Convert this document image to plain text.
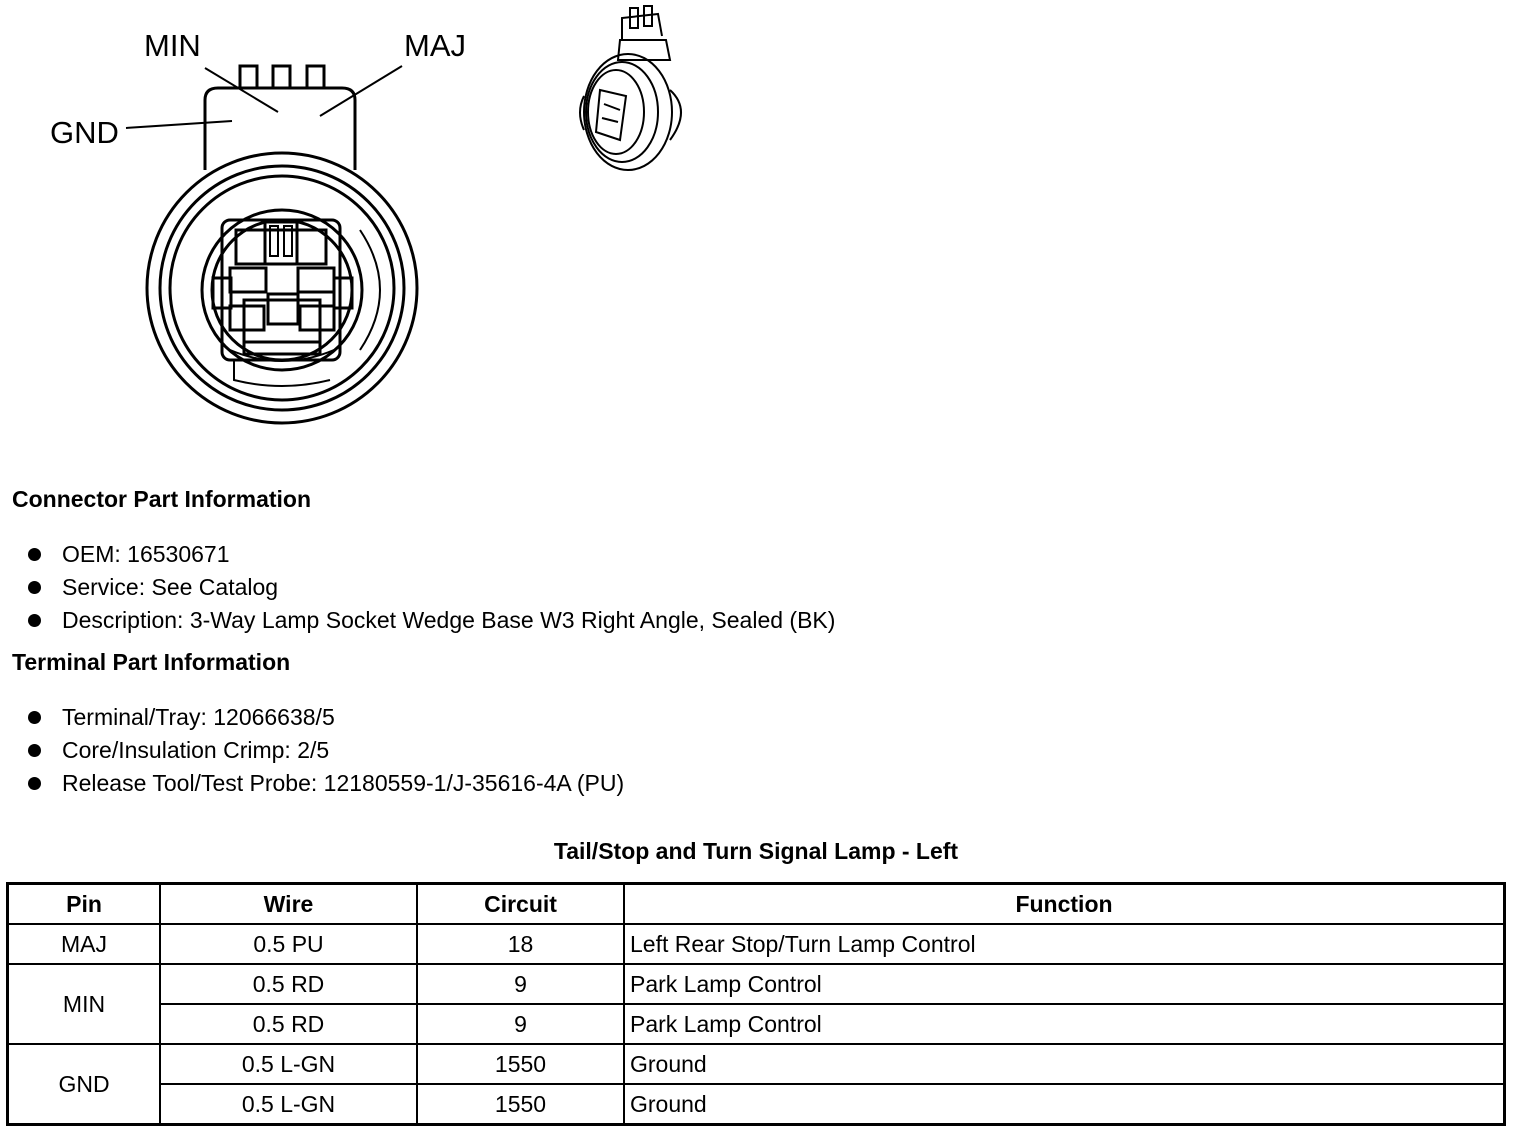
MIN	MAJ
GND
Connector Part Information
OEM: 16530671
Service: See Catalog
Description: 3-Way Lamp Socket Wedge Base W3 Right Angle, Sealed (BK)
Terminal Part Information
Terminal/Tray: 12066638/5
Core/Insulation Crimp: 2/5
Release Tool/Test Probe: 12180559-1/J-35616-4A (PU)
Tail/Stop and Turn Signal Lamp - Left
Pin	Wire	Circuit	Function
MAJ	0.5 PU	18	Left Rear Stop/Turn Lamp Control
MIN	0.5 RD	9	Park Lamp Control
	0.5 RD	9	Park Lamp Control
GND	0.5 L-GN	1550	Ground
	0.5 L-GN	1550	Ground
